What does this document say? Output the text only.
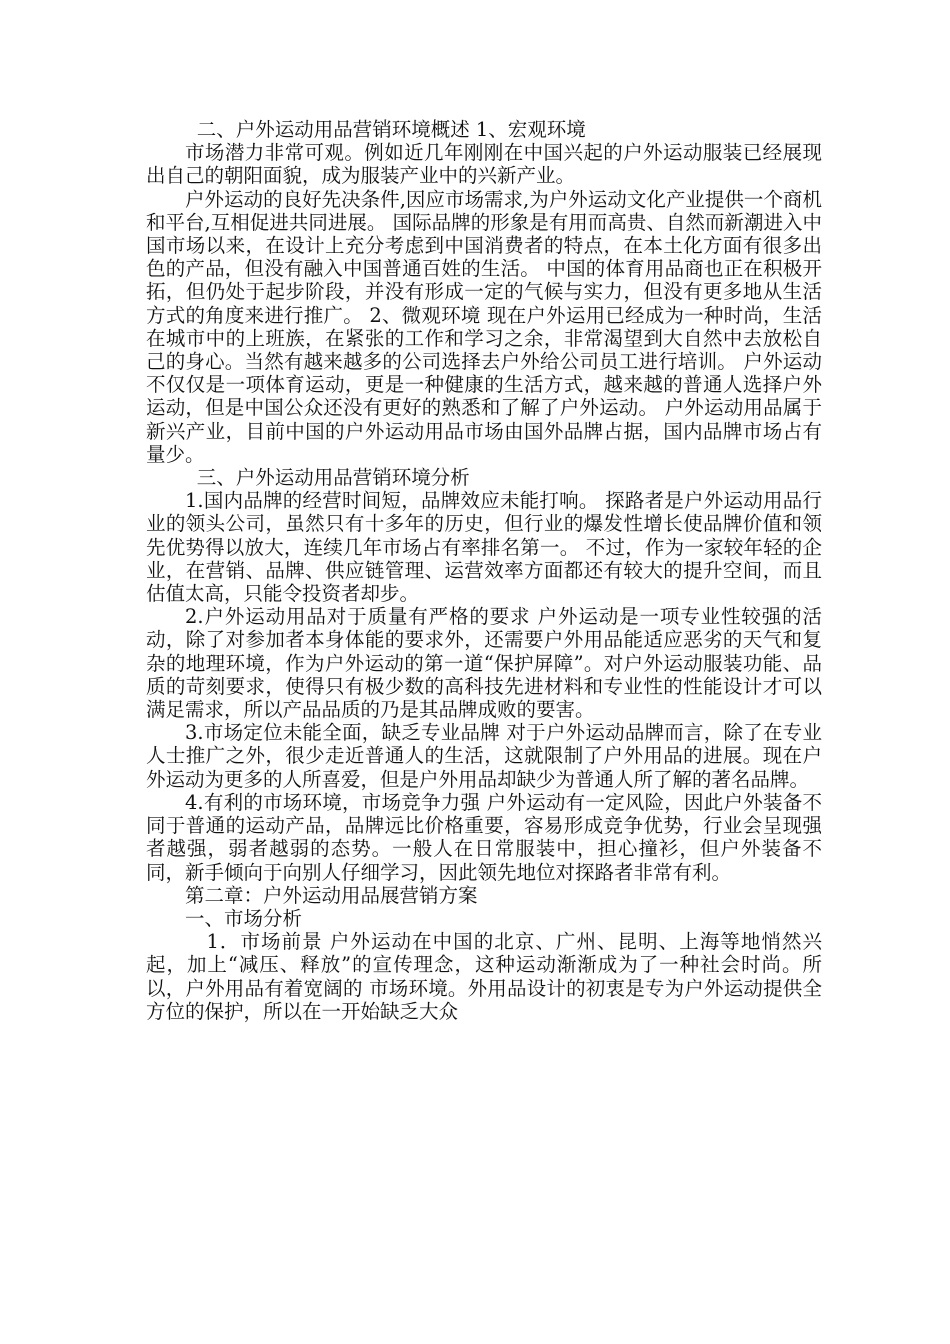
二、户外运动用品营销环境概述 1、宏观环境

市场潜力非常可观。例如近几年刚刚在中国兴起的户外运动服装已经展现出自己的朝阳面貌，成为服装产业中的兴新产业。

户外运动的良好先决条件,因应市场需求,为户外运动文化产业提供一个商机和平台,互相促进共同进展。 国际品牌的形象是有用而高贵、自然而新潮进入中国市场以来，在设计上充分考虑到中国消费者的特点，在本土化方面有很多出色的产品，但没有融入中国普通百姓的生活。 中国的体育用品商也正在积极开拓，但仍处于起步阶段，并没有形成一定的气候与实力，但没有更多地从生活方式的角度来进行推广。 2、微观环境 现在户外运用已经成为一种时尚，生活在城市中的上班族，在紧张的工作和学习之余，非常渴望到大自然中去放松自己的身心。当然有越来越多的公司选择去户外给公司员工进行培训。 户外运动不仅仅是一项体育运动，更是一种健康的生活方式，越来越的普通人选择户外运动，但是中国公众还没有更好的熟悉和了解了户外运动。 户外运动用品属于新兴产业，目前中国的户外运动用品市场由国外品牌占据，国内品牌市场占有量少。

三、户外运动用品营销环境分析

1.国内品牌的经营时间短，品牌效应未能打响。 探路者是户外运动用品行业的领头公司，虽然只有十多年的历史，但行业的爆发性增长使品牌价值和领先优势得以放大，连续几年市场占有率排名第一。 不过，作为一家较年轻的企业，在营销、品牌、供应链管理、运营效率方面都还有较大的提升空间，而且估值太高，只能令投资者却步。

2.户外运动用品对于质量有严格的要求 户外运动是一项专业性较强的活动，除了对参加者本身体能的要求外，还需要户外用品能适应恶劣的天气和复杂的地理环境，作为户外运动的第一道“保护屏障”。对户外运动服装功能、品质的苛刻要求，使得只有极少数的高科技先进材料和专业性的性能设计才可以满足需求，所以产品品质的乃是其品牌成败的要害。

3.市场定位未能全面，缺乏专业品牌 对于户外运动品牌而言，除了在专业人士推广之外，很少走近普通人的生活，这就限制了户外用品的进展。现在户外运动为更多的人所喜爱，但是户外用品却缺少为普通人所了解的著名品牌。

4.有利的市场环境，市场竞争力强 户外运动有一定风险，因此户外装备不同于普通的运动产品，品牌远比价格重要，容易形成竞争优势，行业会呈现强者越强，弱者越弱的态势。一般人在日常服装中，担心撞衫，但户外装备不同，新手倾向于向别人仔细学习，因此领先地位对探路者非常有利。

第二章：户外运动用品展营销方案

一、市场分析

1．市场前景 户外运动在中国的北京、广州、昆明、上海等地悄然兴起，加上“减压、释放”的宣传理念，这种运动渐渐成为了一种社会时尚。所以，户外用品有着宽阔的 市场环境。外用品设计的初衷是专为户外运动提供全方位的保护，所以在一开始缺乏大众
